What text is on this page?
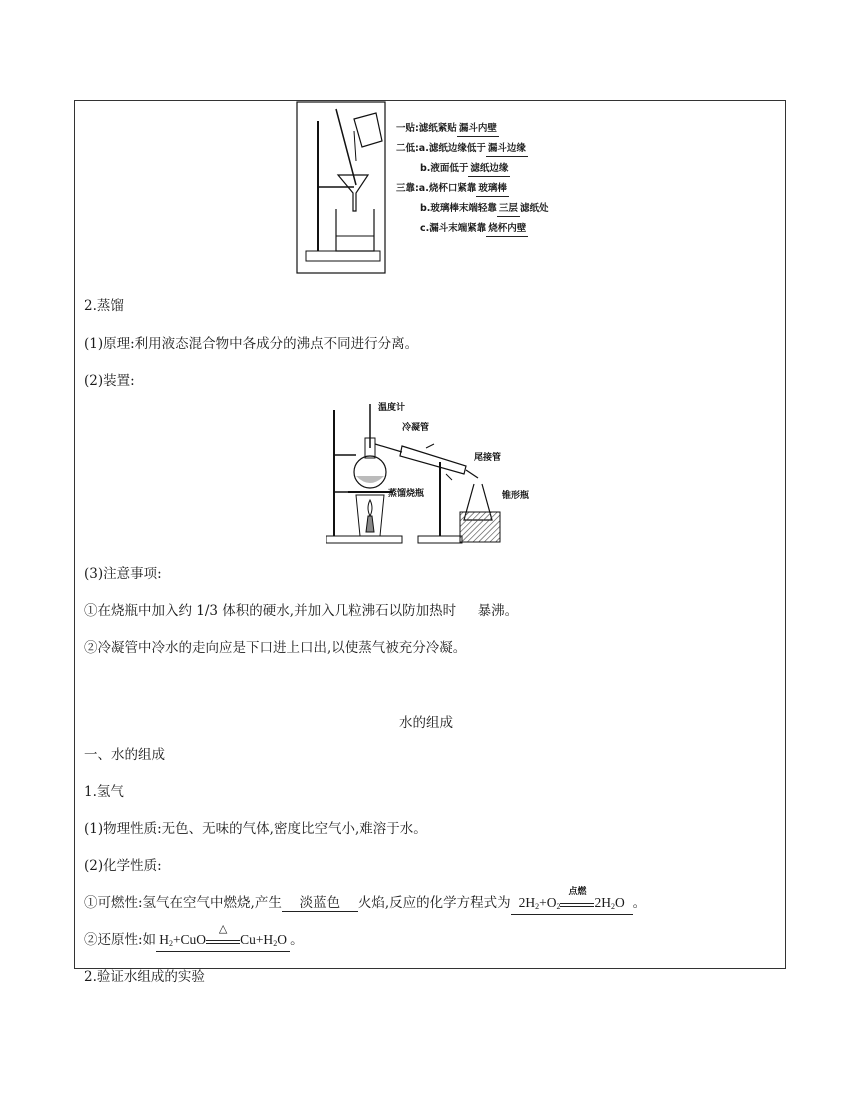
一贴:滤纸紧贴 漏斗内壁
二低:a.滤纸边缘低于 漏斗边缘
b.液面低于 滤纸边缘
三靠:a.烧杯口紧靠 玻璃棒
b.玻璃棒末端轻靠 三层 滤纸处
c.漏斗末端紧靠 烧杯内壁
2.蒸馏
(1)原理:利用液态混合物中各成分的沸点不同进行分离。
(2)装置:
温度计
冷凝管
尾接管
蒸馏烧瓶	锥形瓶
(3)注意事项:
①在烧瓶中加入约 1/3 体积的硬水,并加入几粒沸石以防加热时 暴沸。
②冷凝管中冷水的走向应是下口进上口出,以使蒸气被充分冷凝。
水的组成
一、水的组成
1.氢气
(1)物理性质:无色、无味的气体,密度比空气小,难溶于水。
(2)化学性质:
①可燃性:氢气在空气中燃烧,产生 淡蓝色 火焰,反应的化学方程式为 $2H_2+O_2$
点燃
$2H_2O$ 。
②还原性:如 $H_2+CuO$
△
$Cu+H_2O$ 。
2.验证水组成的实验
